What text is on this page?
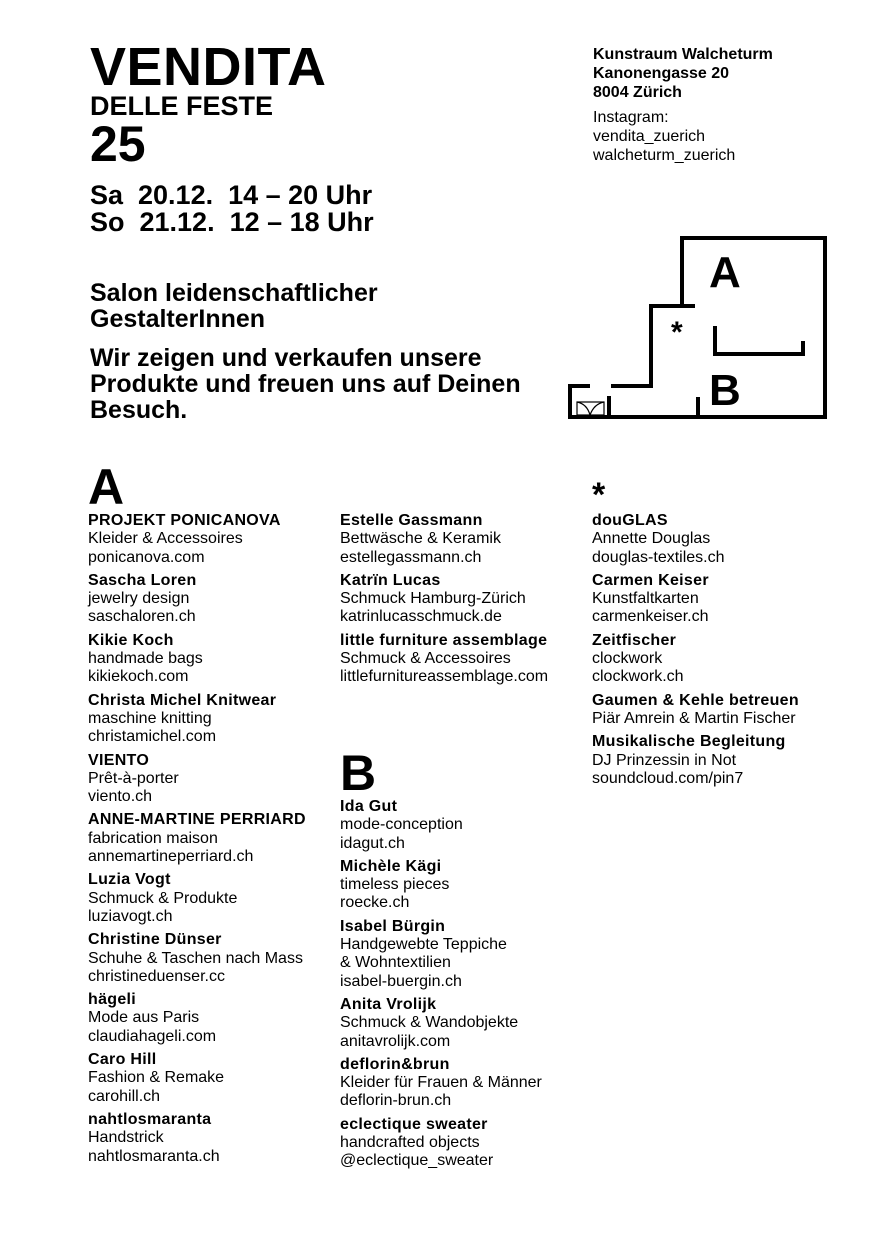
VENDITA
DELLE FESTE
25
Sa  20.12.  14 – 20 Uhr
So  21.12.  12 – 18 Uhr
Kunstraum Walcheturm
Kanonengasse 20
8004 Zürich
Instagram:
vendita_zuerich
walcheturm_zuerich
Salon leidenschaftlicher GestalterInnen
Wir zeigen und verkaufen unsere Produkte und freuen uns auf Deinen Besuch.
A
B
*
A
PROJEKT PONICANOVA
Kleider & Accessoires
ponicanova.com
Sascha Loren
jewelry design
saschaloren.ch
Kikie Koch
handmade bags
kikiekoch.com
Christa Michel Knitwear
maschine knitting
christamichel.com
VIENTO
Prêt-à-porter
viento.ch
ANNE-MARTINE PERRIARD
fabrication maison
annemartineperriard.ch
Luzia Vogt
Schmuck & Produkte
luziavogt.ch
Christine Dünser
Schuhe & Taschen nach Mass
christineduenser.cc
hägeli
Mode aus Paris
claudiahageli.com
Caro Hill
Fashion & Remake
carohill.ch
nahtlosmaranta
Handstrick
nahtlosmaranta.ch
Estelle Gassmann
Bettwäsche & Keramik
estellegassmann.ch
Katrïn Lucas
Schmuck Hamburg-Zürich
katrinlucasschmuck.de
little furniture assemblage
Schmuck & Accessoires
littlefurnitureassemblage.com
B
Ida Gut
mode-conception
idagut.ch
Michèle Kägi
timeless pieces
roecke.ch
Isabel Bürgin
Handgewebte Teppiche
& Wohntextilien
isabel-buergin.ch
Anita Vrolijk
Schmuck & Wandobjekte
anitavrolijk.com
deflorin&brun
Kleider für Frauen & Männer
deflorin-brun.ch
eclectique sweater
handcrafted objects
@eclectique_sweater
*
douGLAS
Annette Douglas
douglas-textiles.ch
Carmen Keiser
Kunstfaltkarten
carmenkeiser.ch
Zeitfischer
clockwork
clockwork.ch
Gaumen & Kehle betreuen
Piär Amrein & Martin Fischer
Musikalische Begleitung
DJ Prinzessin in Not
soundcloud.com/pin7
